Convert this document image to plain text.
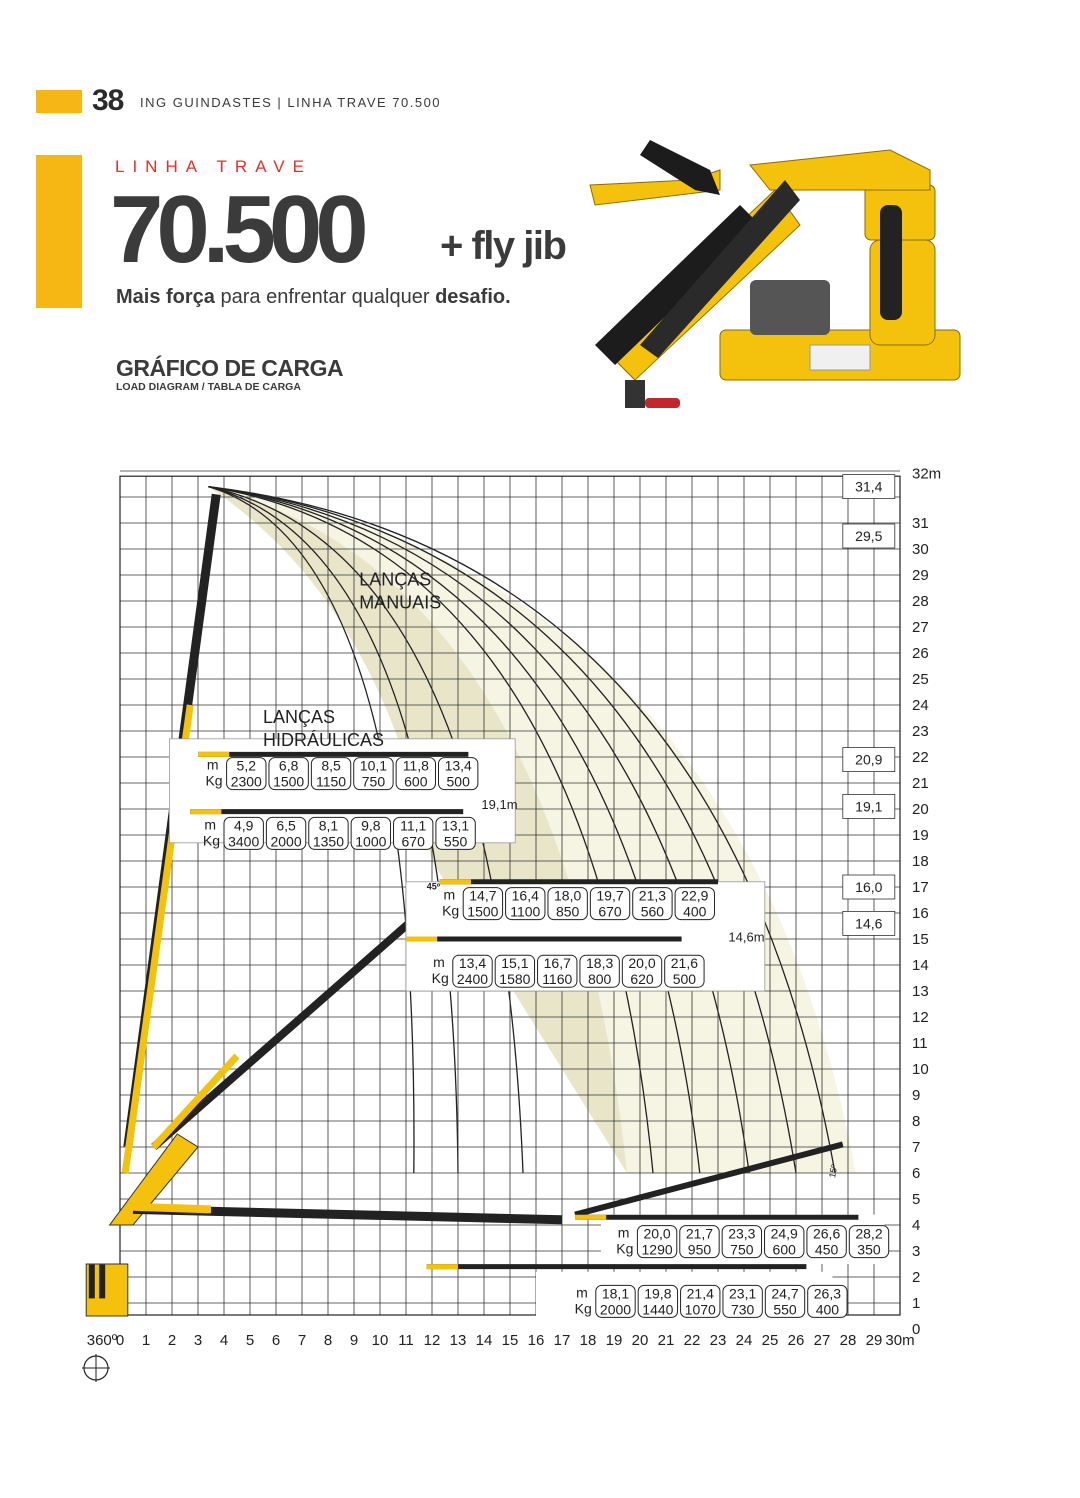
38 ING GUINDASTES | LINHA TRAVE 70.500
LINHA TRAVE
70.500 + fly jib
Mais força para enfrentar qualquer desafio.
GRÁFICO DE CARGA
LOAD DIAGRAM / TABLA DE CARGA
m
Kg
5,2
2300
6,8
1500
8,5
1150
10,1
750
11,8
600
13,4
500
m
Kg
4,9
3400
6,5
2000
8,1
1350
9,8
1000
11,1
670
13,1
550
m
Kg
14,7
1500
16,4
1100
18,0
850
19,7
670
21,3
560
22,9
400
m
Kg
13,4
2400
15,1
1580
16,7
1160
18,3
800
20,0
620
21,6
500
m
Kg
20,0
1290
21,7
950
23,3
750
24,9
600
26,6
450
28,2
350
m
Kg
18,1
2000
19,8
1440
21,4
1070
23,1
730
24,7
550
26,3
400
360º
0 1 2 3 4 5 6 7 8 9 10 11 12 13 14 15 16 17 18 19 20 21 22 23 24 25 26 27 28 29 30m
0
1
2
3
4
5
6
7
8
9
10
11
12
13
14
15
16
17
18
19
20
21
22
23
24
25
26
27
28
29
30
31
32m
31,4
29,5
20,9
19,1
16,0
14,6
LANÇAS MANUAIS
LANÇAS HIDRÁULICAS
45º
15º
19,1m
14,6m
